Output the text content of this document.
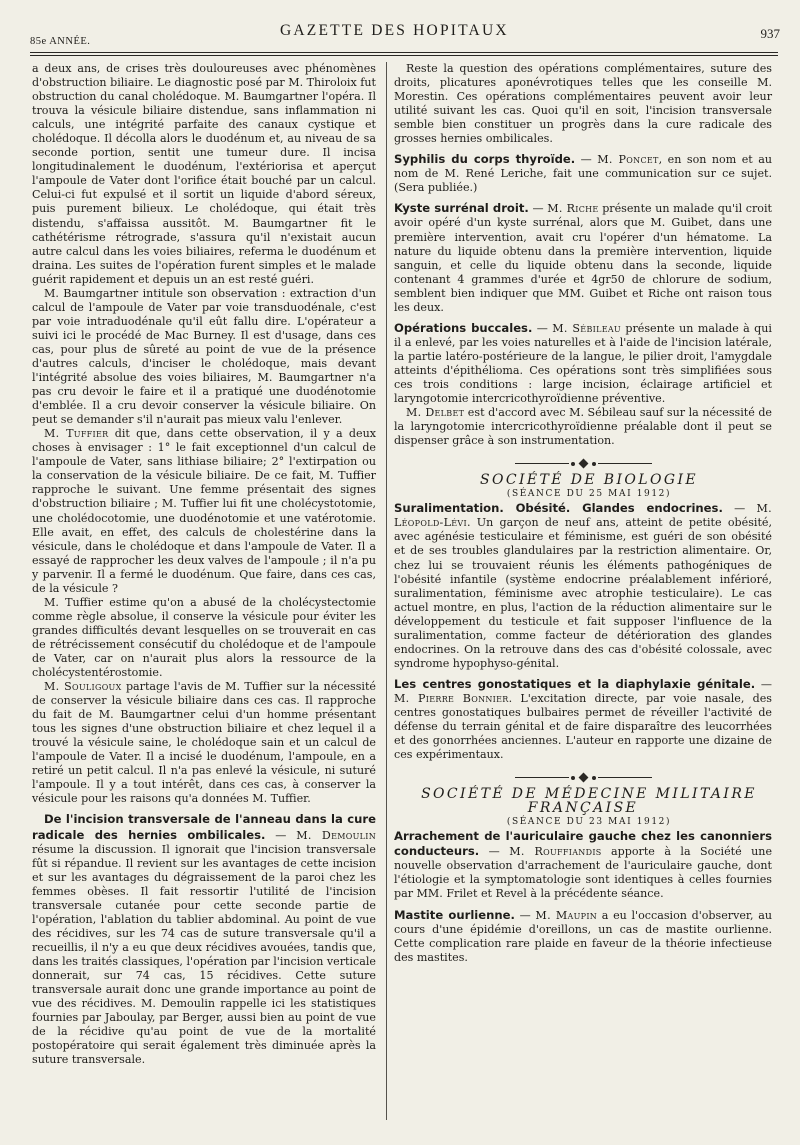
85e ANNÉE.
GAZETTE DES HOPITAUX	937

a deux ans, de crises très douloureuses avec phénomènes d'obstruction biliaire. Le diagnostic posé par M. Thiroloix fut obstruction du canal cholédoque. M. Baumgartner l'opéra. Il trouva la vésicule biliaire distendue, sans inflammation ni calculs, une intégrité parfaite des canaux cystique et cholédoque. Il décolla alors le duodénum et, au niveau de sa seconde portion, sentit une tumeur dure. Il incisa longitudinalement le duodénum, l'extériorisa et aperçut l'ampoule de Vater dont l'orifice était bouché par un calcul. Celui-ci fut expulsé et il sortit un liquide d'abord séreux, puis purement bilieux. Le cholédoque, qui était très distendu, s'affaissa aussitôt. M. Baumgartner fit le cathétérisme rétrograde, s'assura qu'il n'existait aucun autre calcul dans les voies biliaires, referma le duodénum et draina. Les suites de l'opération furent simples et le malade guérit rapidement et depuis un an est resté guéri.

M. Baumgartner intitule son observation : extraction d'un calcul de l'ampoule de Vater par voie transduodénale, c'est par voie intraduodénale qu'il eût fallu dire. L'opérateur a suivi ici le procédé de Mac Burney. Il est d'usage, dans ces cas, pour plus de sûreté au point de vue de la présence d'autres calculs, d'inciser le cholédoque, mais devant l'intégrité absolue des voies biliaires, M. Baumgartner n'a pas cru devoir le faire et il a pratiqué une duodénotomie d'emblée. Il a cru devoir conserver la vésicule biliaire. On peut se demander s'il n'aurait pas mieux valu l'enlever.

M. Tuffier dit que, dans cette observation, il y a deux choses à envisager : 1° le fait exceptionnel d'un calcul de l'ampoule de Vater, sans lithiase biliaire; 2° l'extirpation ou la conservation de la vésicule biliaire. De ce fait, M. Tuffier rapproche le suivant. Une femme présentait des signes d'obstruction biliaire ; M. Tuffier lui fit une cholécystotomie, une cholédocotomie, une duodénotomie et une vatérotomie. Elle avait, en effet, des calculs de cholestérine dans la vésicule, dans le cholédoque et dans l'ampoule de Vater. Il a essayé de rapprocher les deux valves de l'ampoule ; il n'a pu y parvenir. Il a fermé le duodénum. Que faire, dans ces cas, de la vésicule ?

M. Tuffier estime qu'on a abusé de la cholécystectomie comme règle absolue, il conserve la vésicule pour éviter les grandes difficultés devant lesquelles on se trouverait en cas de rétrécissement consécutif du cholédoque et de l'ampoule de Vater, car on n'aurait plus alors la ressource de la cholécystentérostomie.

M. Souligoux partage l'avis de M. Tuffier sur la nécessité de conserver la vésicule biliaire dans ces cas. Il rapproche du fait de M. Baumgartner celui d'un homme présentant tous les signes d'une obstruction biliaire et chez lequel il a trouvé la vésicule saine, le cholédoque sain et un calcul de l'ampoule de Vater. Il a incisé le duodénum, l'ampoule, en a retiré un petit calcul. Il n'a pas enlevé la vésicule, ni suturé l'ampoule. Il y a tout intérêt, dans ces cas, à conserver la vésicule pour les raisons qu'a données M. Tuffier.

De l'incision transversale de l'anneau dans la cure radicale des hernies ombilicales. — M. Demoulin résume la discussion. Il ignorait que l'incision transversale fût si répandue. Il revient sur les avantages de cette incision et sur les avantages du dégraissement de la paroi chez les femmes obèses. Il fait ressortir l'utilité de l'incision transversale cutanée pour cette seconde partie de l'opération, l'ablation du tablier abdominal. Au point de vue des récidives, sur les 74 cas de suture transversale qu'il a recueillis, il n'y a eu que deux récidives avouées, tandis que, dans les traités classiques, l'opération par l'incision verticale donnerait, sur 74 cas, 15 récidives. Cette suture transversale aurait donc une grande importance au point de vue des récidives. M. Demoulin rappelle ici les statistiques fournies par Jaboulay, par Berger, aussi bien au point de vue de la récidive qu'au point de vue de la mortalité postopératoire qui serait également très diminuée après la suture transversale.

Reste la question des opérations complémentaires, suture des droits, plicatures aponévrotiques telles que les conseille M. Morestin. Ces opérations complémentaires peuvent avoir leur utilité suivant les cas. Quoi qu'il en soit, l'incision transversale semble bien constituer un progrès dans la cure radicale des grosses hernies ombilicales.

Syphilis du corps thyroïde. — M. Poncet, en son nom et au nom de M. René Leriche, fait une communication sur ce sujet. (Sera publiée.)

Kyste surrénal droit. — M. Riche présente un malade qu'il croit avoir opéré d'un kyste surrénal, alors que M. Guibet, dans une première intervention, avait cru l'opérer d'un hématome. La nature du liquide obtenu dans la première intervention, liquide sanguin, et celle du liquide obtenu dans la seconde, liquide contenant 4 grammes d'urée et 4gr50 de chlorure de sodium, semblent bien indiquer que MM. Guibet et Riche ont raison tous les deux.

Opérations buccales. — M. Sébileau présente un malade à qui il a enlevé, par les voies naturelles et à l'aide de l'incision latérale, la partie latéro-postérieure de la langue, le pilier droit, l'amygdale atteints d'épithélioma. Ces opérations sont très simplifiées sous ces trois conditions : large incision, éclairage artificiel et laryngotomie intercricothyroïdienne préventive.

M. Delbet est d'accord avec M. Sébileau sauf sur la nécessité de la laryngotomie intercricothyroïdienne préalable dont il peut se dispenser grâce à son instrumentation.

SOCIÉTÉ DE BIOLOGIE

(SÉANCE DU 25 MAI 1912)

Suralimentation. Obésité. Glandes endocrines. — M. Léopold-Lévi. Un garçon de neuf ans, atteint de petite obésité, avec agénésie testiculaire et féminisme, est guéri de son obésité et de ses troubles glandulaires par la restriction alimentaire. Or, chez lui se trouvaient réunis les éléments pathogéniques de l'obésité infantile (système endocrine préalablement inférioré, suralimentation, féminisme avec atrophie testiculaire). Le cas actuel montre, en plus, l'action de la réduction alimentaire sur le développement du testicule et fait supposer l'influence de la suralimentation, comme facteur de détérioration des glandes endocrines. On la retrouve dans des cas d'obésité colossale, avec syndrome hypophyso-génital.

Les centres gonostatiques et la diaphylaxie génitale. — M. Pierre Bonnier. L'excitation directe, par voie nasale, des centres gonostatiques bulbaires permet de réveiller l'activité de défense du terrain génital et de faire disparaître des leucorrhées et des gonorrhées anciennes. L'auteur en rapporte une dizaine de ces expérimentaux.

SOCIÉTÉ DE MÉDECINE MILITAIRE FRANÇAISE

(SÉANCE DU 23 MAI 1912)

Arrachement de l'auriculaire gauche chez les canonniers conducteurs. — M. Rouffiandis apporte à la Société une nouvelle observation d'arrachement de l'auriculaire gauche, dont l'étiologie et la symptomatologie sont identiques à celles fournies par MM. Frilet et Revel à la précédente séance.

Mastite ourlienne. — M. Maupin a eu l'occasion d'observer, au cours d'une épidémie d'oreillons, un cas de mastite ourlienne. Cette complication rare plaide en faveur de la théorie infectieuse des mastites.
